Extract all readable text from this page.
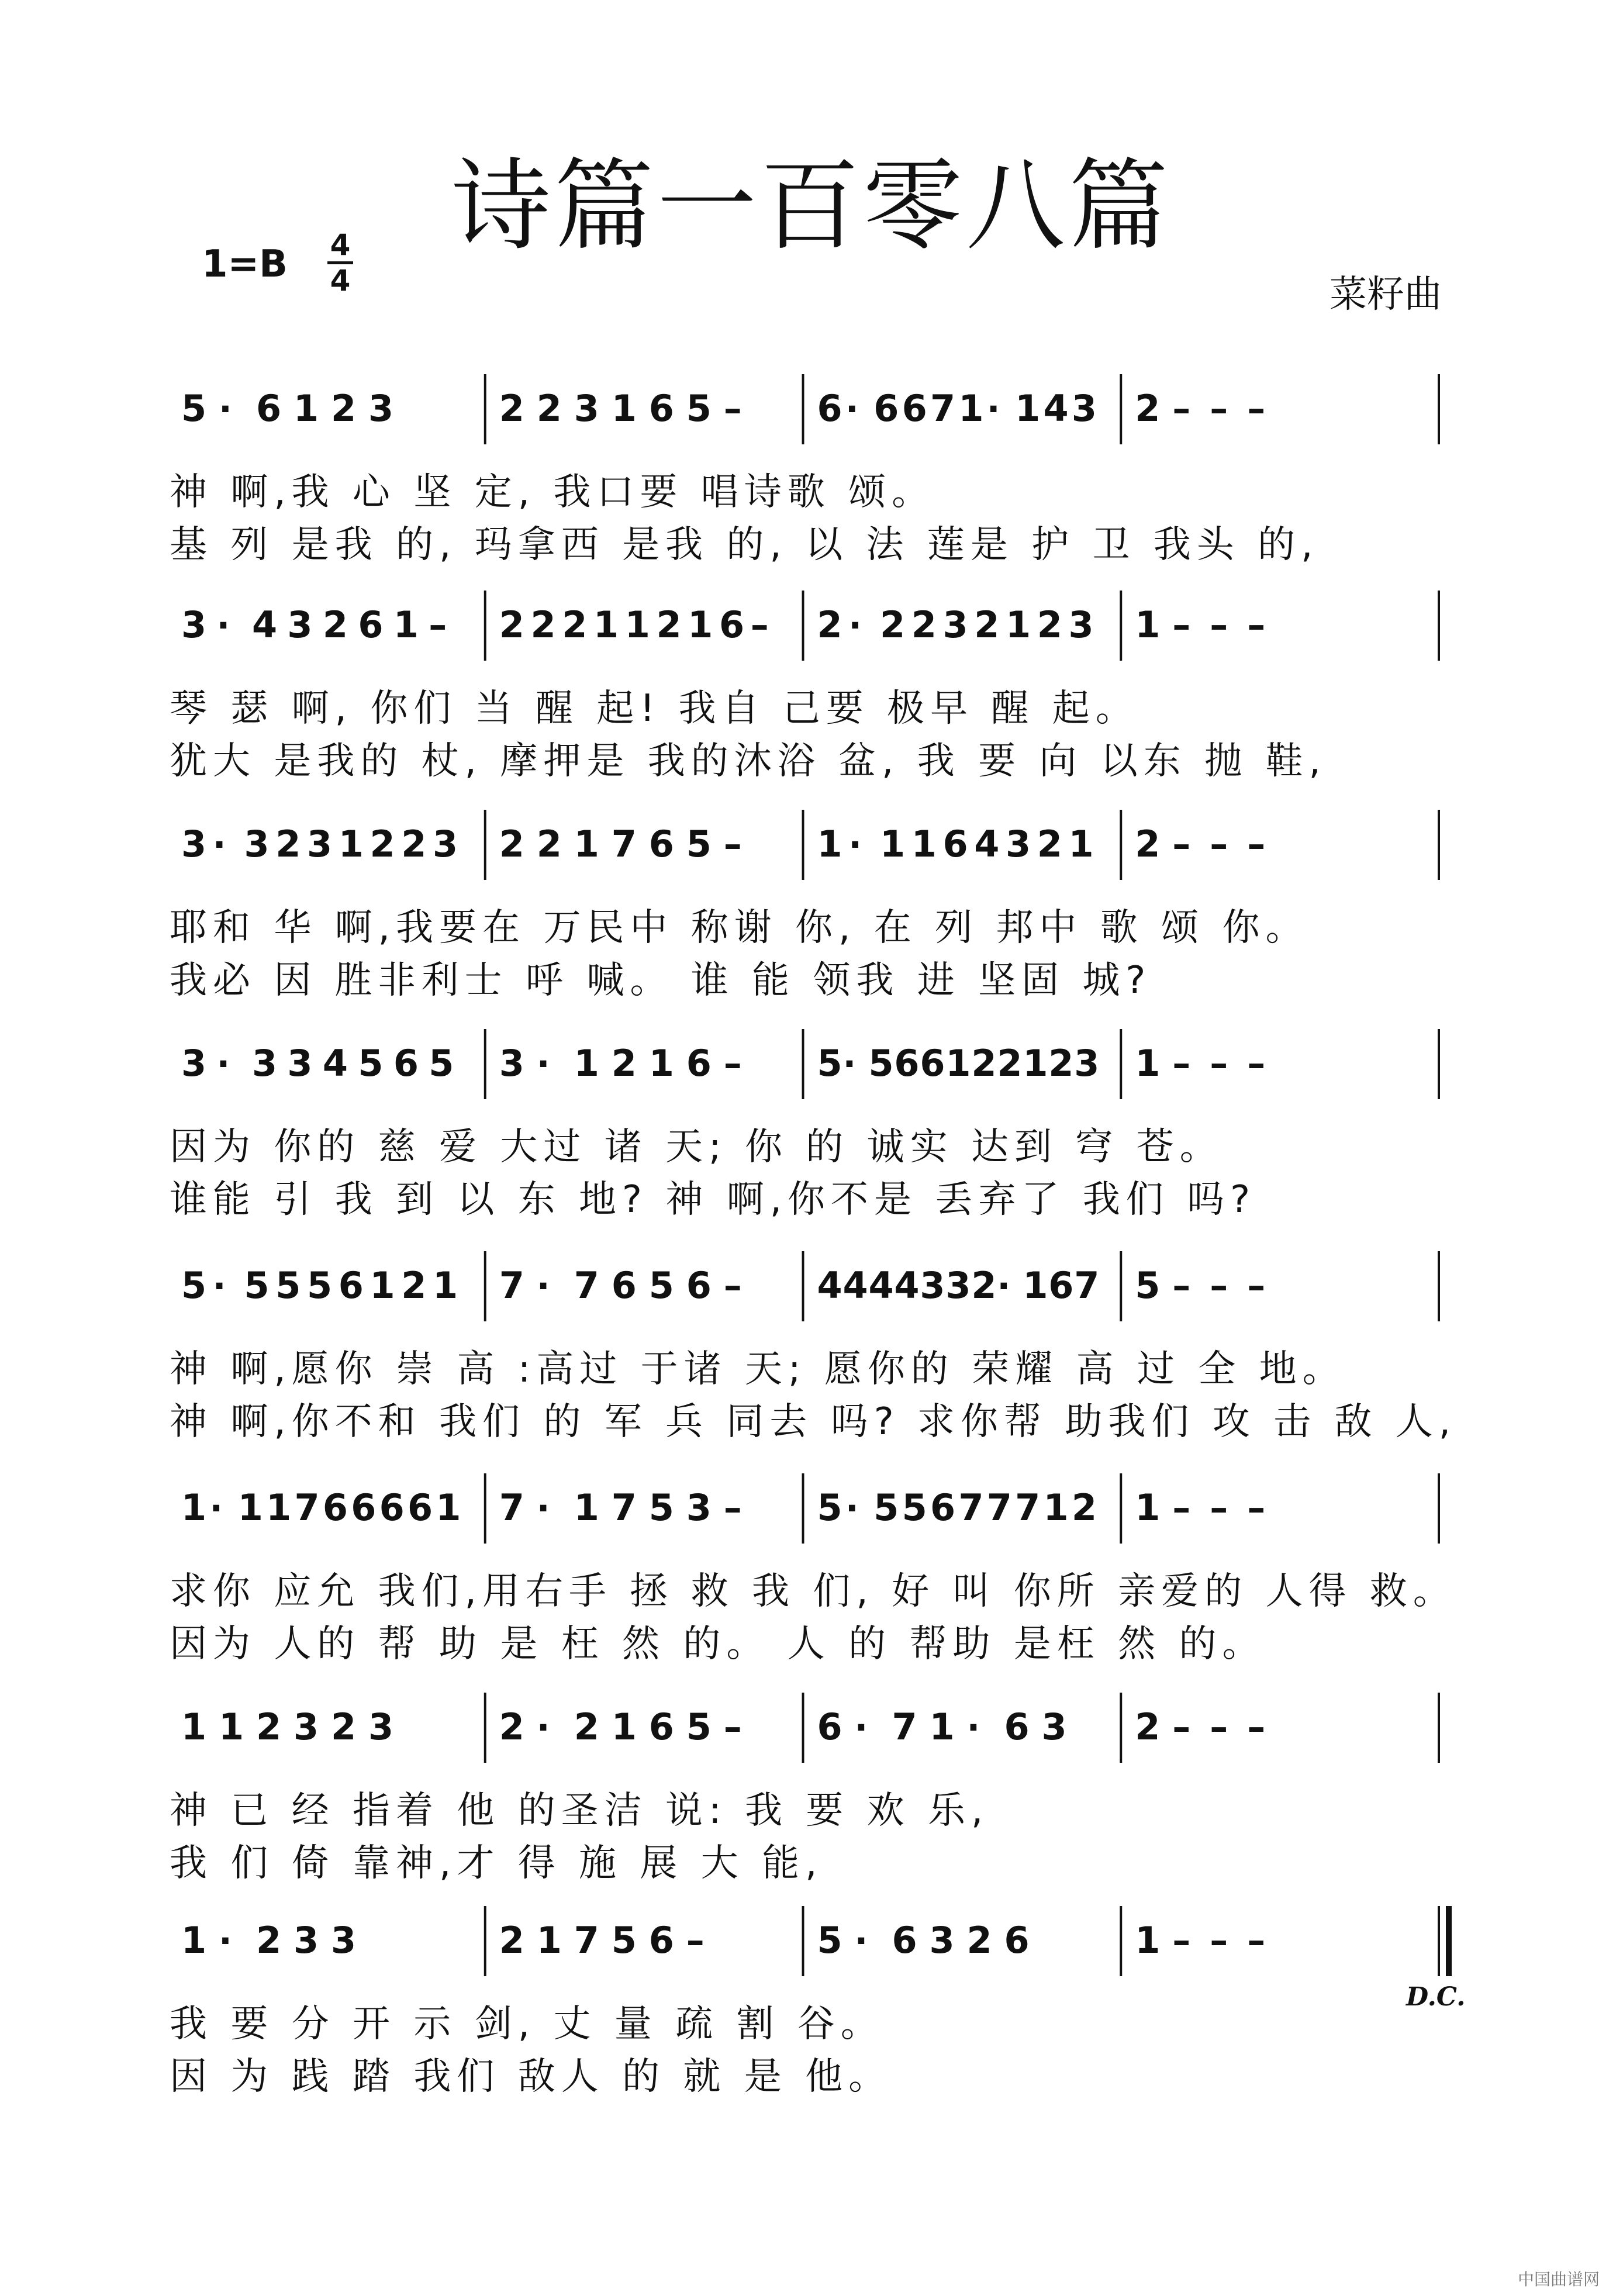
诗篇一百零八篇
1=B 4
4	菜籽曲
5 · 6 1 2 3	2 2 3 1 6 5 – 6 · 6 6 7 1 · 1 4 3 2 – – –
神 啊,我 心 坚 定, 我口要 唱诗歌 颂。
基 列 是我 的, 玛拿西 是我 的, 以 法 莲是 护 卫 我头 的,
3 · 4 3 2 6 1 – 2 2 2 1 1 2 1 6 – 2 · 2 2 3 2 1 2 3 1 – – –
琴 瑟 啊, 你们 当 醒 起! 我自 己要 极早 醒 起。
犹大 是我的 杖, 摩押是 我的沐浴 盆, 我 要 向 以东 抛 鞋,
3 · 3 2 3 1 2 2 3 2 2 1 7 6 5 – 1 · 1 1 6 4 3 2 1 2 – – –
耶和 华 啊,我要在 万民中 称谢 你, 在 列 邦中 歌 颂 你。
我必 因 胜非利士 呼 喊。 谁 能 领我 进 坚固 城?
3 · 3 3 4 5 6 5 3 · 1 2 1 6 – 5 · 5 6 6 1 2 2 1 2 3 1 – – –
因为 你的 慈 爱 大过 诸 天; 你 的 诚实 达到 穹 苍。
谁能 引 我 到 以 东 地? 神 啊,你不是 丢弃了 我们 吗?
5 · 5 5 5 6 1 2 1 7 · 7 6 5 6 – 4 4 4 4 3 3 2 · 1 6 7 5 – – –
神 啊,愿你 崇 高 :高过 于诸 天; 愿你的 荣耀 高 过 全 地。
神 啊,你不和 我们 的 军 兵 同去 吗? 求你帮 助我们 攻 击 敌 人,
1 · 1 1 7 6 6 6 6 1 7 · 1 7 5 3 – 5 · 5 5 6 7 7 7 1 2 1 – – –
求你 应允 我们,用右手 拯 救 我 们, 好 叫 你所 亲爱的 人得 救。
因为 人的 帮 助 是 枉 然 的。 人 的 帮助 是枉 然 的。
1 1 2 3 2 3	2 · 2 1 6 5 – 6 · 7 1 · 6 3 2 – – –
神 已 经 指着 他 的圣洁 说: 我 要 欢 乐,
我 们 倚 靠神,才 得 施 展 大 能,
1 · 2 3 3	2 1 7 5 6 –	5 · 6 3 2 6	1 – – –
我 要 分 开 示 剑, 丈 量 疏 割 谷。
因 为 践 踏 我们 敌人 的 就 是 他。
D.C.
中国曲谱网
